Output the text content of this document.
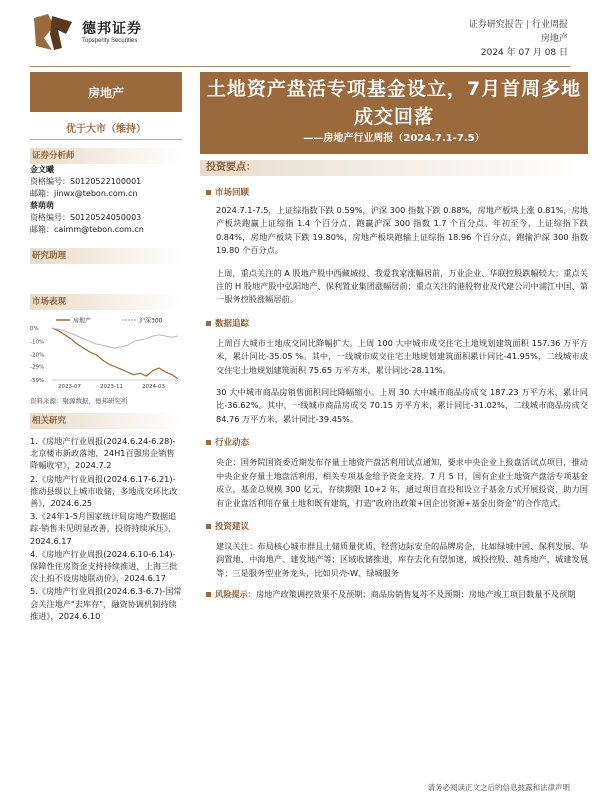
德邦证券
Topsperity Securities
证券研究报告 | 行业周报
房地产
2024 年 07 月 08 日
房地产
优于大市（维持）
证券分析师
金文曦
资格编号：S0120522100001
邮箱：jinwx@tebon.com.cn
蔡萌萌
资格编号：S0120524050003
邮箱：caimm@tebon.com.cn
研究助理
市场表现
房地产	沪深300
0%
-10%
-20%
-29%
-39%
2023-07	2023-11	2024-03
资料来源：聚源数据，德邦研究所
相关研究
1.《房地产行业周报(2024.6.24-6.28)-北京楼市新政落地，24H1百强房企销售降幅收窄》，2024.7.2
2.《房地产行业周报(2024.6.17-6.21)-推动县级以上城市收储，多地成交环比改善》，2024.6.25
3.《24年1-5月国家统计局房地产数据追踪-销售未见明显改善，投资持续承压》，2024.6.17
4.《房地产行业周报(2024.6.10-6.14)-保障性住房资金支持持续推进，上海三批次土拍不设房地联动价》，2024.6.17
5.《房地产行业周报(2024.6.3-6.7)-国常会关注地产"去库存"，融资协调机制持续推进》，2024.6.10
土地资产盘活专项基金设立，7月首周多地成交回落
——房地产行业周报（2024.7.1-7.5）
投资要点：
市场回顾

2024.7.1-7.5，上证综指数下跌 0.59%，沪深 300 指数下跌 0.88%，房地产板块上涨 0.81%，房地产板块跑赢上证综指 1.4 个百分点，跑赢沪深 300 指数 1.7 个百分点。年初至今，上证综指下跌 0.84%，房地产板块下跌 19.80%，房地产板块跑输上证综指 18.96 个百分点，跑输沪深 300 指数 19.80 个百分点。

上周，重点关注的 A 股地产股中西藏城投、我爱我家涨幅居前，万业企业、华联控股跌幅较大；重点关注的 H 股地产股中弘阳地产、保利置业集团涨幅居前；重点关注的港股物业及代建公司中浦江中国、第一服务控股涨幅居前。

数据追踪

上周百大城市土地成交同比降幅扩大。上周 100 大中城市成交住宅土地规划建筑面积 157.36 万平方米，累计同比-35.05 %。其中，一线城市成交住宅土地规划建筑面积累计同比-41.95%，二线城市成交住宅土地规划建筑面积 75.65 万平方米，累计同比-28.11%。

30 大中城市商品房销售面积同比降幅缩小。上周 30 大中城市商品房成交 187.23 万平方米，累计同比-36.62%。其中，一线城市商品房成交 70.15 万平方米，累计同比-31.02%，二线城市商品房成交 84.76 万平方米，累计同比-39.45%。

行业动态

央企：国务院国资委近期发布存量土地资产盘活利用试点通知，要求中央企业上报盘活试点项目，推动中央企业存量土地盘活利用，相关专项基金给予资金支持。7 月 5 日，国有企业土地资产盘活专项基金成立，基金总规模 300 亿元，存续期限 10+2 年，通过项目直投和设立子基金方式开展投资，助力国有企业盘活利用存量土地和既有建筑，打造“政府出政策+国企出资源+基金出资金”的合作范式。

投资建议

建议关注：布局核心城市群且土储质量优质，经营边际安全的品牌房企，比如绿城中国、保利发展、华润置地、中海地产、建发地产等；区域收储推进，库存去化有望加速，城投控股、越秀地产、城建发展等；三是服务型业务龙头，比如贝壳-W、绿城服务

风险提示：房地产政策调控效果不及预期；商品房销售复苏不及预期；房地产竣工项目数量不及预期
请务必阅读正文之后的信息披露和法律声明
